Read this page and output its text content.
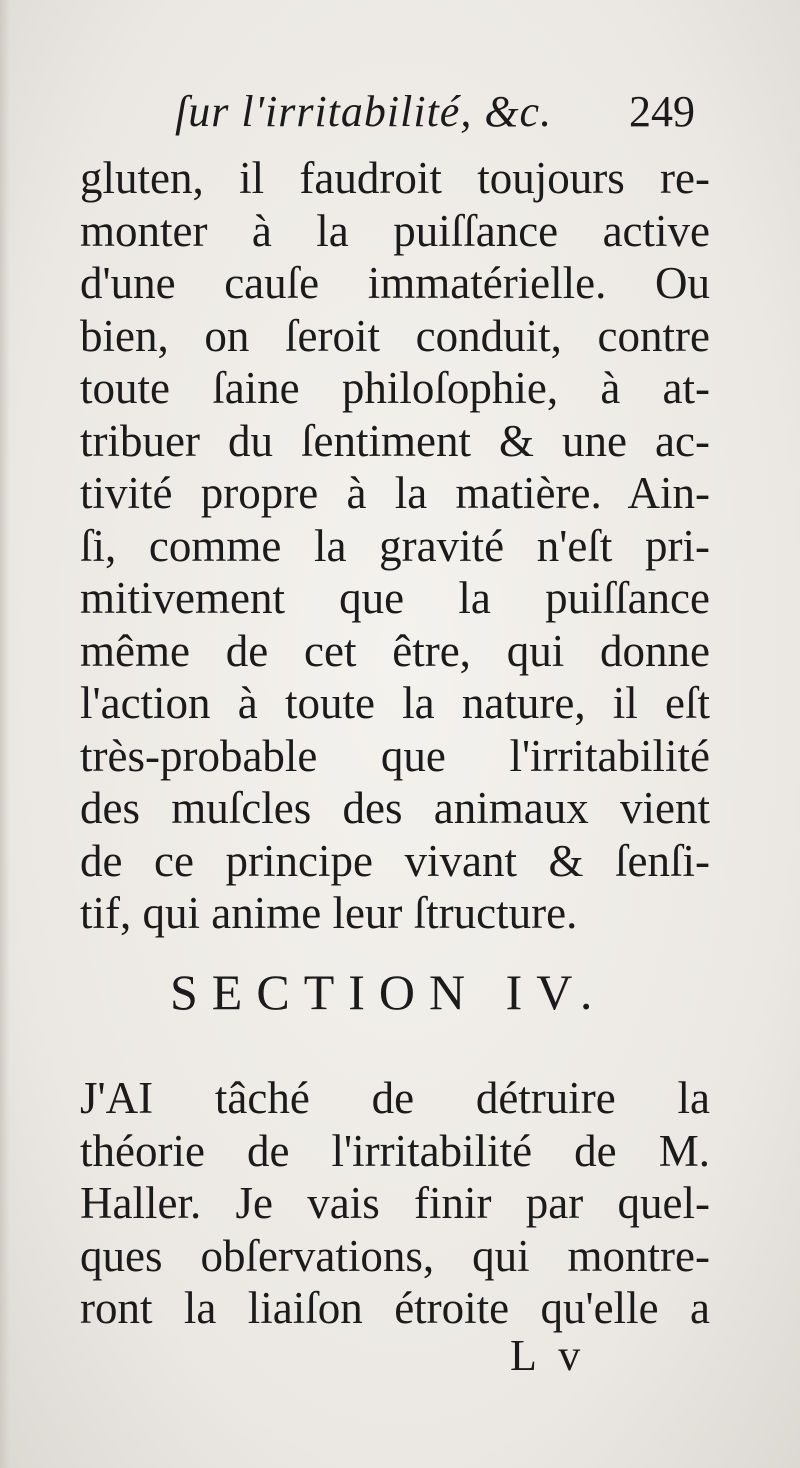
ſur l'irritabilité, &c. 249
gluten, il faudroit toujours re-
monter à la puiſſance active
d'une cauſe immatérielle. Ou
bien, on ſeroit conduit, contre
toute ſaine philoſophie, à at-
tribuer du ſentiment & une ac-
tivité propre à la matière. Ain-
ſi, comme la gravité n'eſt pri-
mitivement que la puiſſance
même de cet être, qui donne
l'action à toute la nature, il eſt
très-probable que l'irritabilité
des muſcles des animaux vient
de ce principe vivant & ſenſi-
tif, qui anime leur ſtructure.
SECTION IV.
J'AI tâché de détruire la
théorie de l'irritabilité de M.
Haller. Je vais finir par quel-
ques obſervations, qui montre-
ront la liaiſon étroite qu'elle a
L v
